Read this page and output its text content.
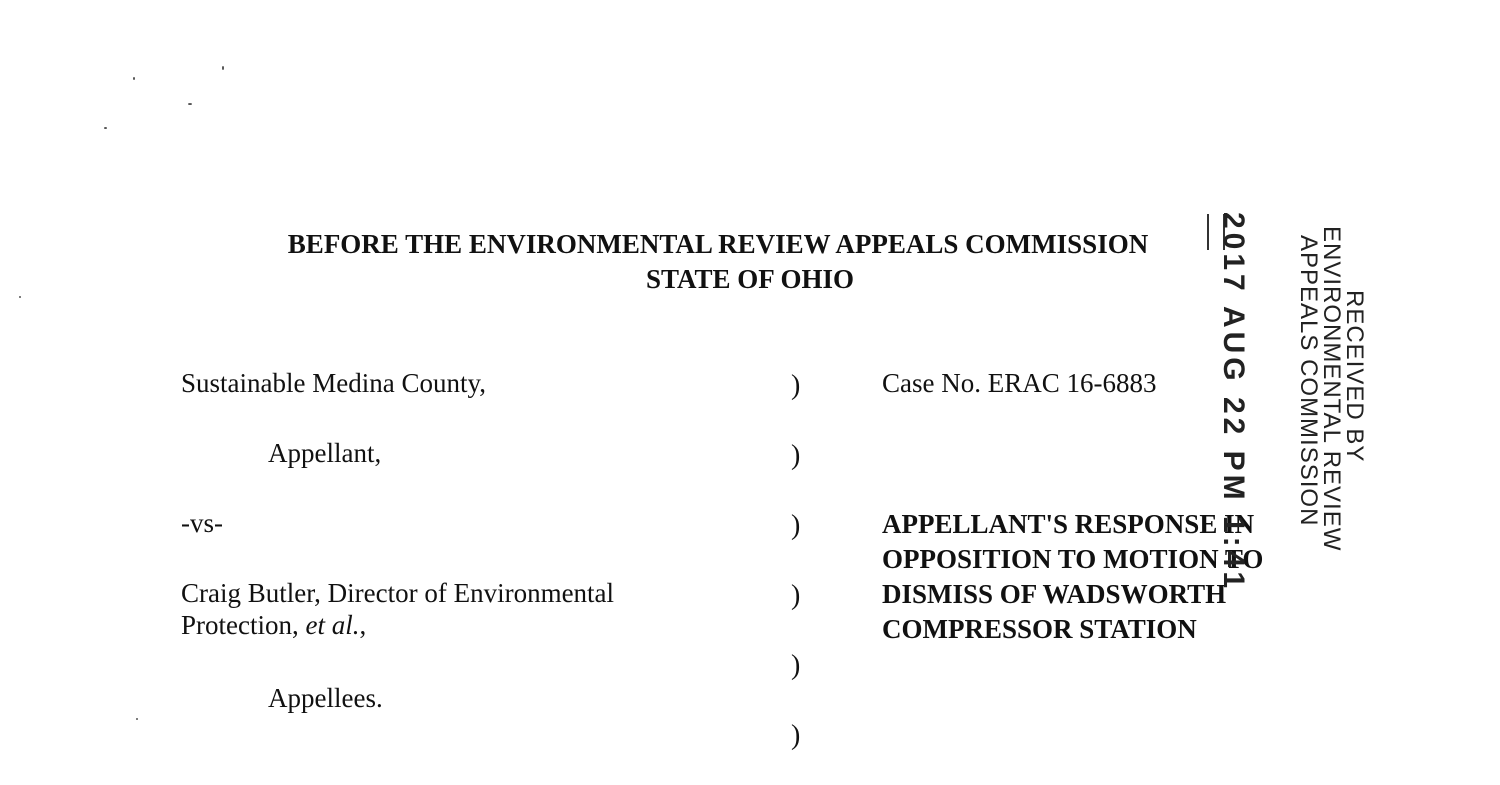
BEFORE THE ENVIRONMENTAL REVIEW APPEALS COMMISSION
STATE OF OHIO
Sustainable Medina County,
Appellant,
-vs-
Craig Butler, Director of Environmental
Protection, et al.,
Appellees.
)
)
)
)
)
)
Case No. ERAC 16-6883
APPELLANT'S RESPONSE IN
OPPOSITION TO MOTION TO
DISMISS OF WADSWORTH
COMPRESSOR STATION
2017 AUG 22 PM 1:41	RECEIVED BY
ENVIRONMENTAL REVIEW
APPEALS COMMISSION
